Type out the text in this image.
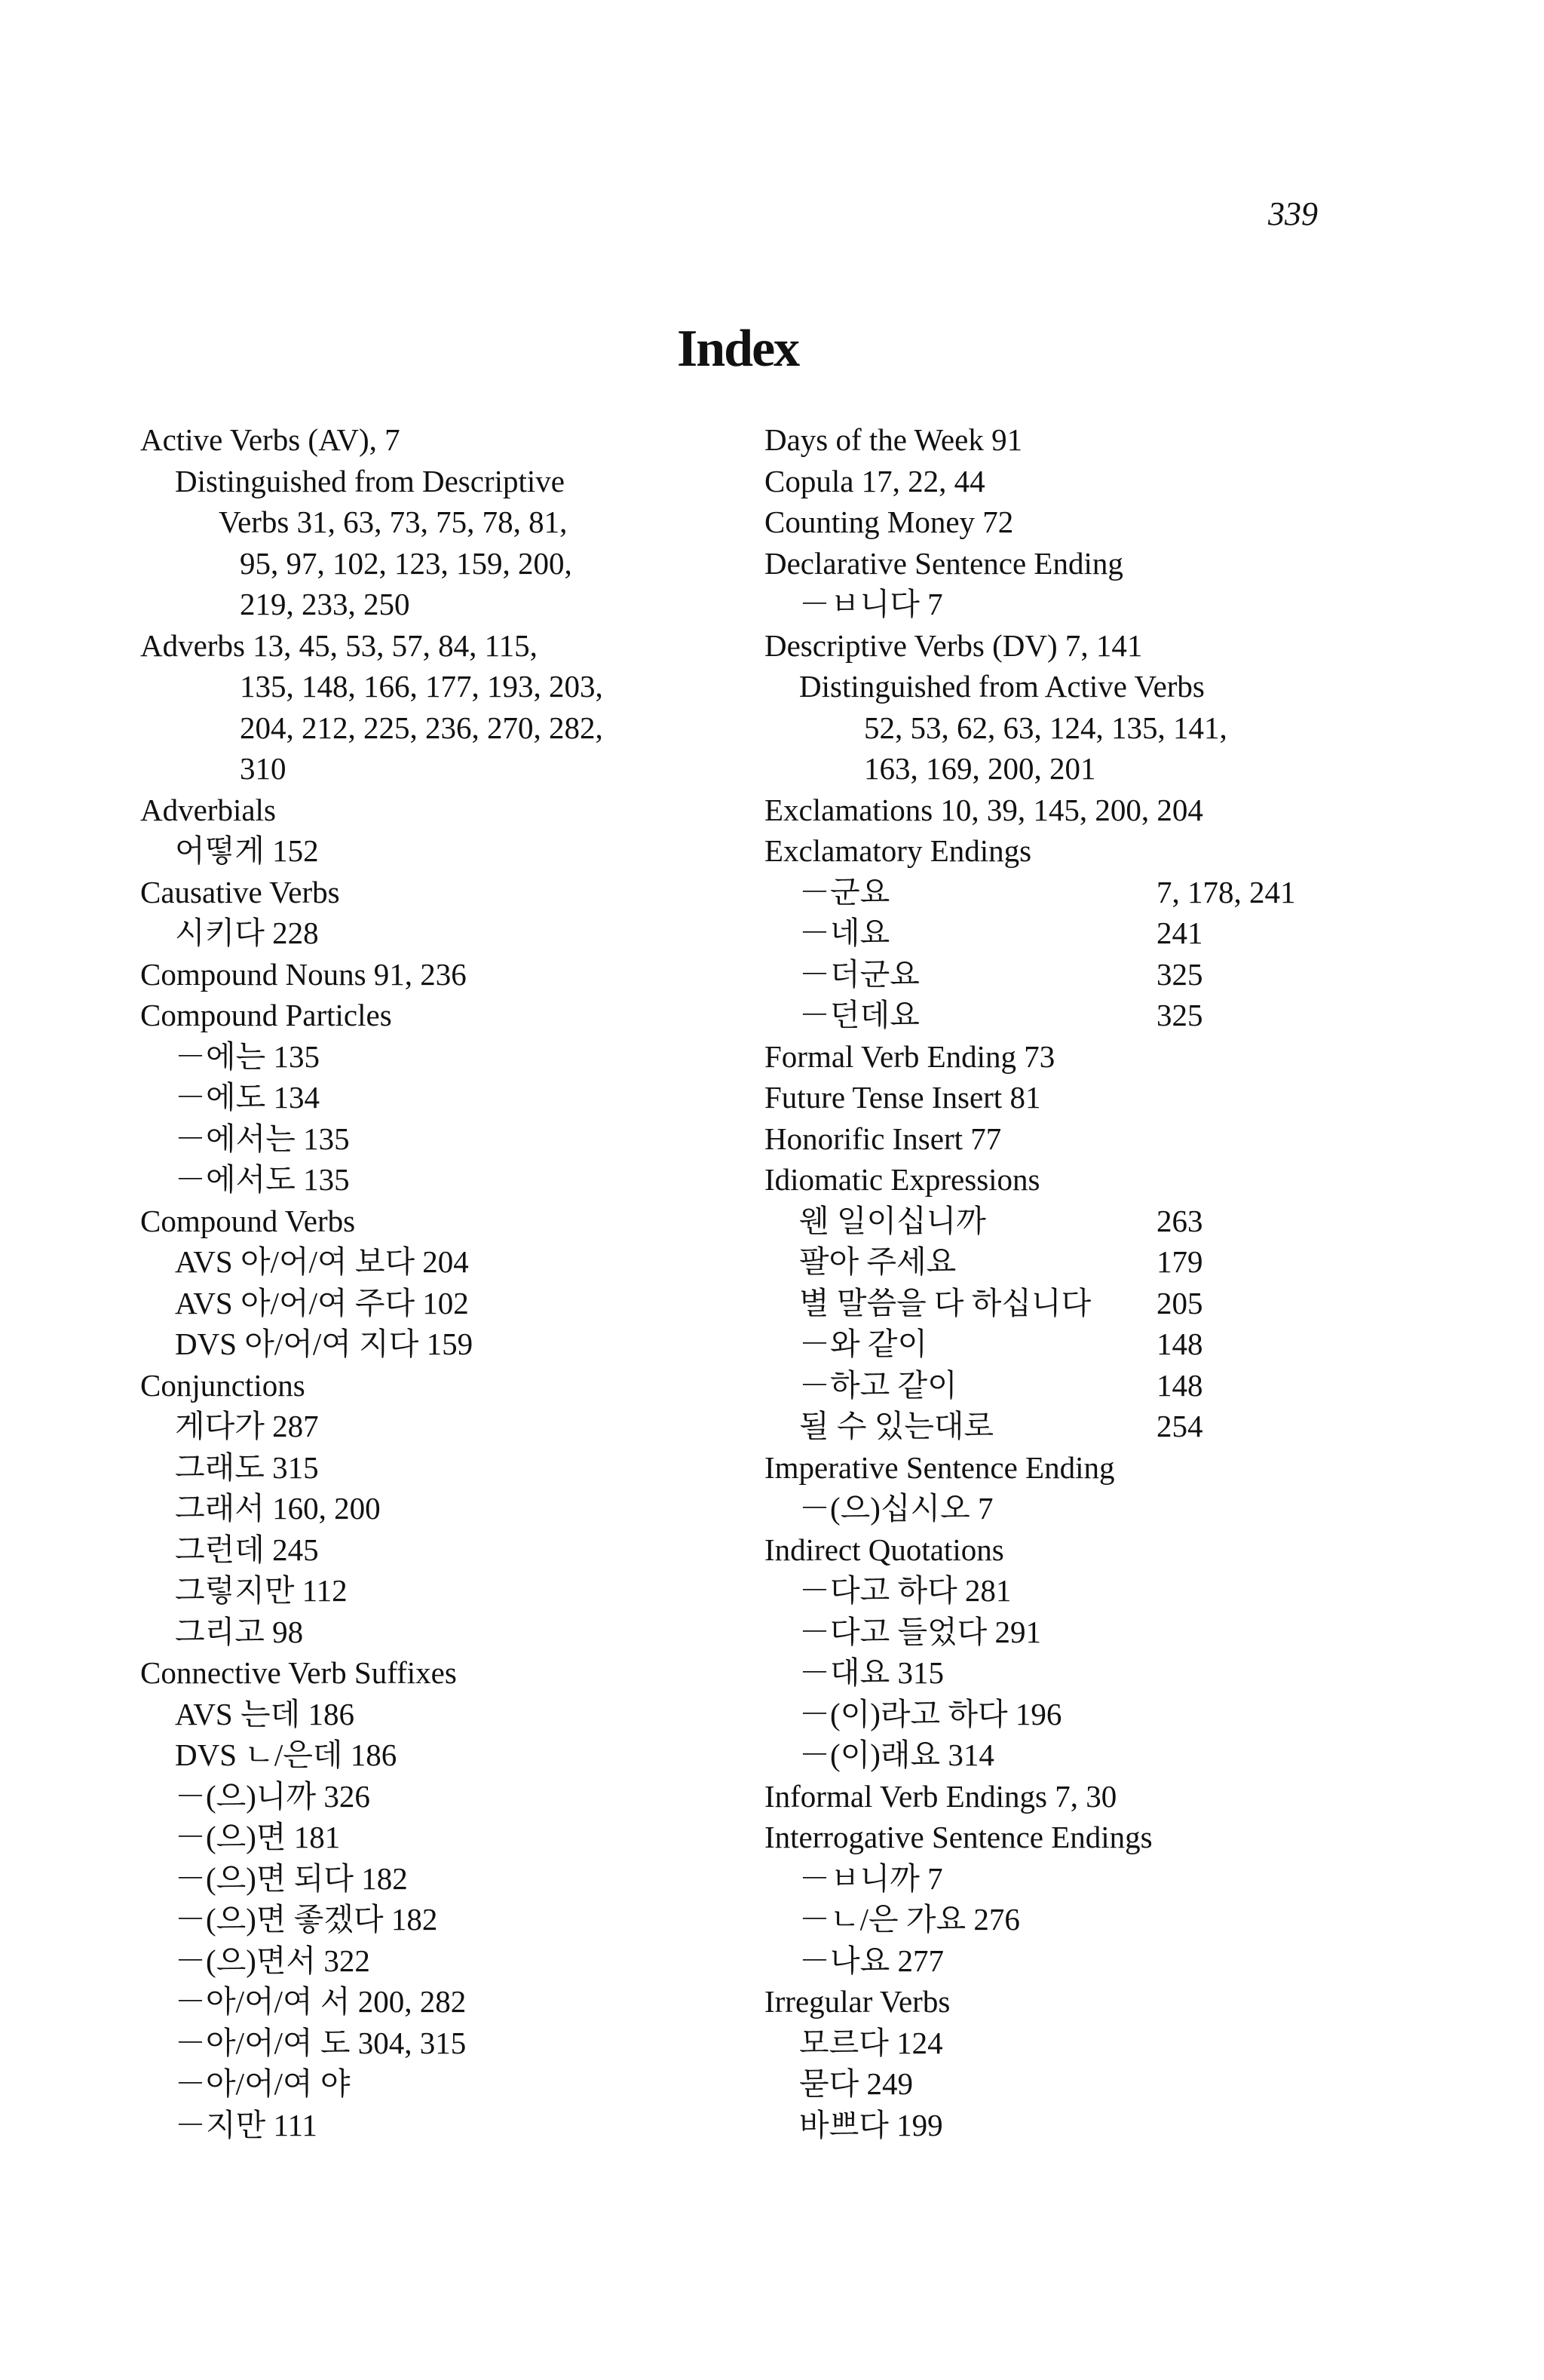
339
Index
Active Verbs (AV), 7
Distinguished from Descriptive
Verbs 31, 63, 73, 75, 78, 81,
95, 97, 102, 123, 159, 200,
219, 233, 250
Adverbs 13, 45, 53, 57, 84, 115,
135, 148, 166, 177, 193, 203,
204, 212, 225, 236, 270, 282,
310
Adverbials
어떻게 152
Causative Verbs
시키다 228
Compound Nouns 91, 236
Compound Particles
－에는 135
－에도 134
－에서는 135
－에서도 135
Compound Verbs
AVS 아/어/여 보다 204
AVS 아/어/여 주다 102
DVS 아/어/여 지다 159
Conjunctions
게다가 287
그래도 315
그래서 160, 200
그런데 245
그렇지만 112
그리고 98
Connective Verb Suffixes
AVS 는데 186
DVS ㄴ/은데 186
－(으)니까 326
－(으)면 181
－(으)면 되다 182
－(으)면 좋겠다 182
－(으)면서 322
－아/어/여 서 200, 282
－아/어/여 도 304, 315
－아/어/여 야
－지만 111
Days of the Week 91
Copula 17, 22, 44
Counting Money 72
Declarative Sentence Ending
－ㅂ니다 7
Descriptive Verbs (DV) 7, 141
Distinguished from Active Verbs
52, 53, 62, 63, 124, 135, 141,
163, 169, 200, 201
Exclamations 10, 39, 145, 200, 204
Exclamatory Endings
－군요	7, 178, 241
－네요	241
－더군요	325
－던데요	325
Formal Verb Ending 73
Future Tense Insert 81
Honorific Insert 77
Idiomatic Expressions
웬 일이십니까	263
팔아 주세요	179
별 말씀을 다 하십니다 205
－와 같이	148
－하고 같이	148
될 수 있는대로	254
Imperative Sentence Ending
－(으)십시오 7
Indirect Quotations
－다고 하다 281
－다고 들었다 291
－대요 315
－(이)라고 하다 196
－(이)래요 314
Informal Verb Endings 7, 30
Interrogative Sentence Endings
－ㅂ니까 7
－ㄴ/은 가요 276
－나요 277
Irregular Verbs
모르다 124
묻다 249
바쁘다 199
